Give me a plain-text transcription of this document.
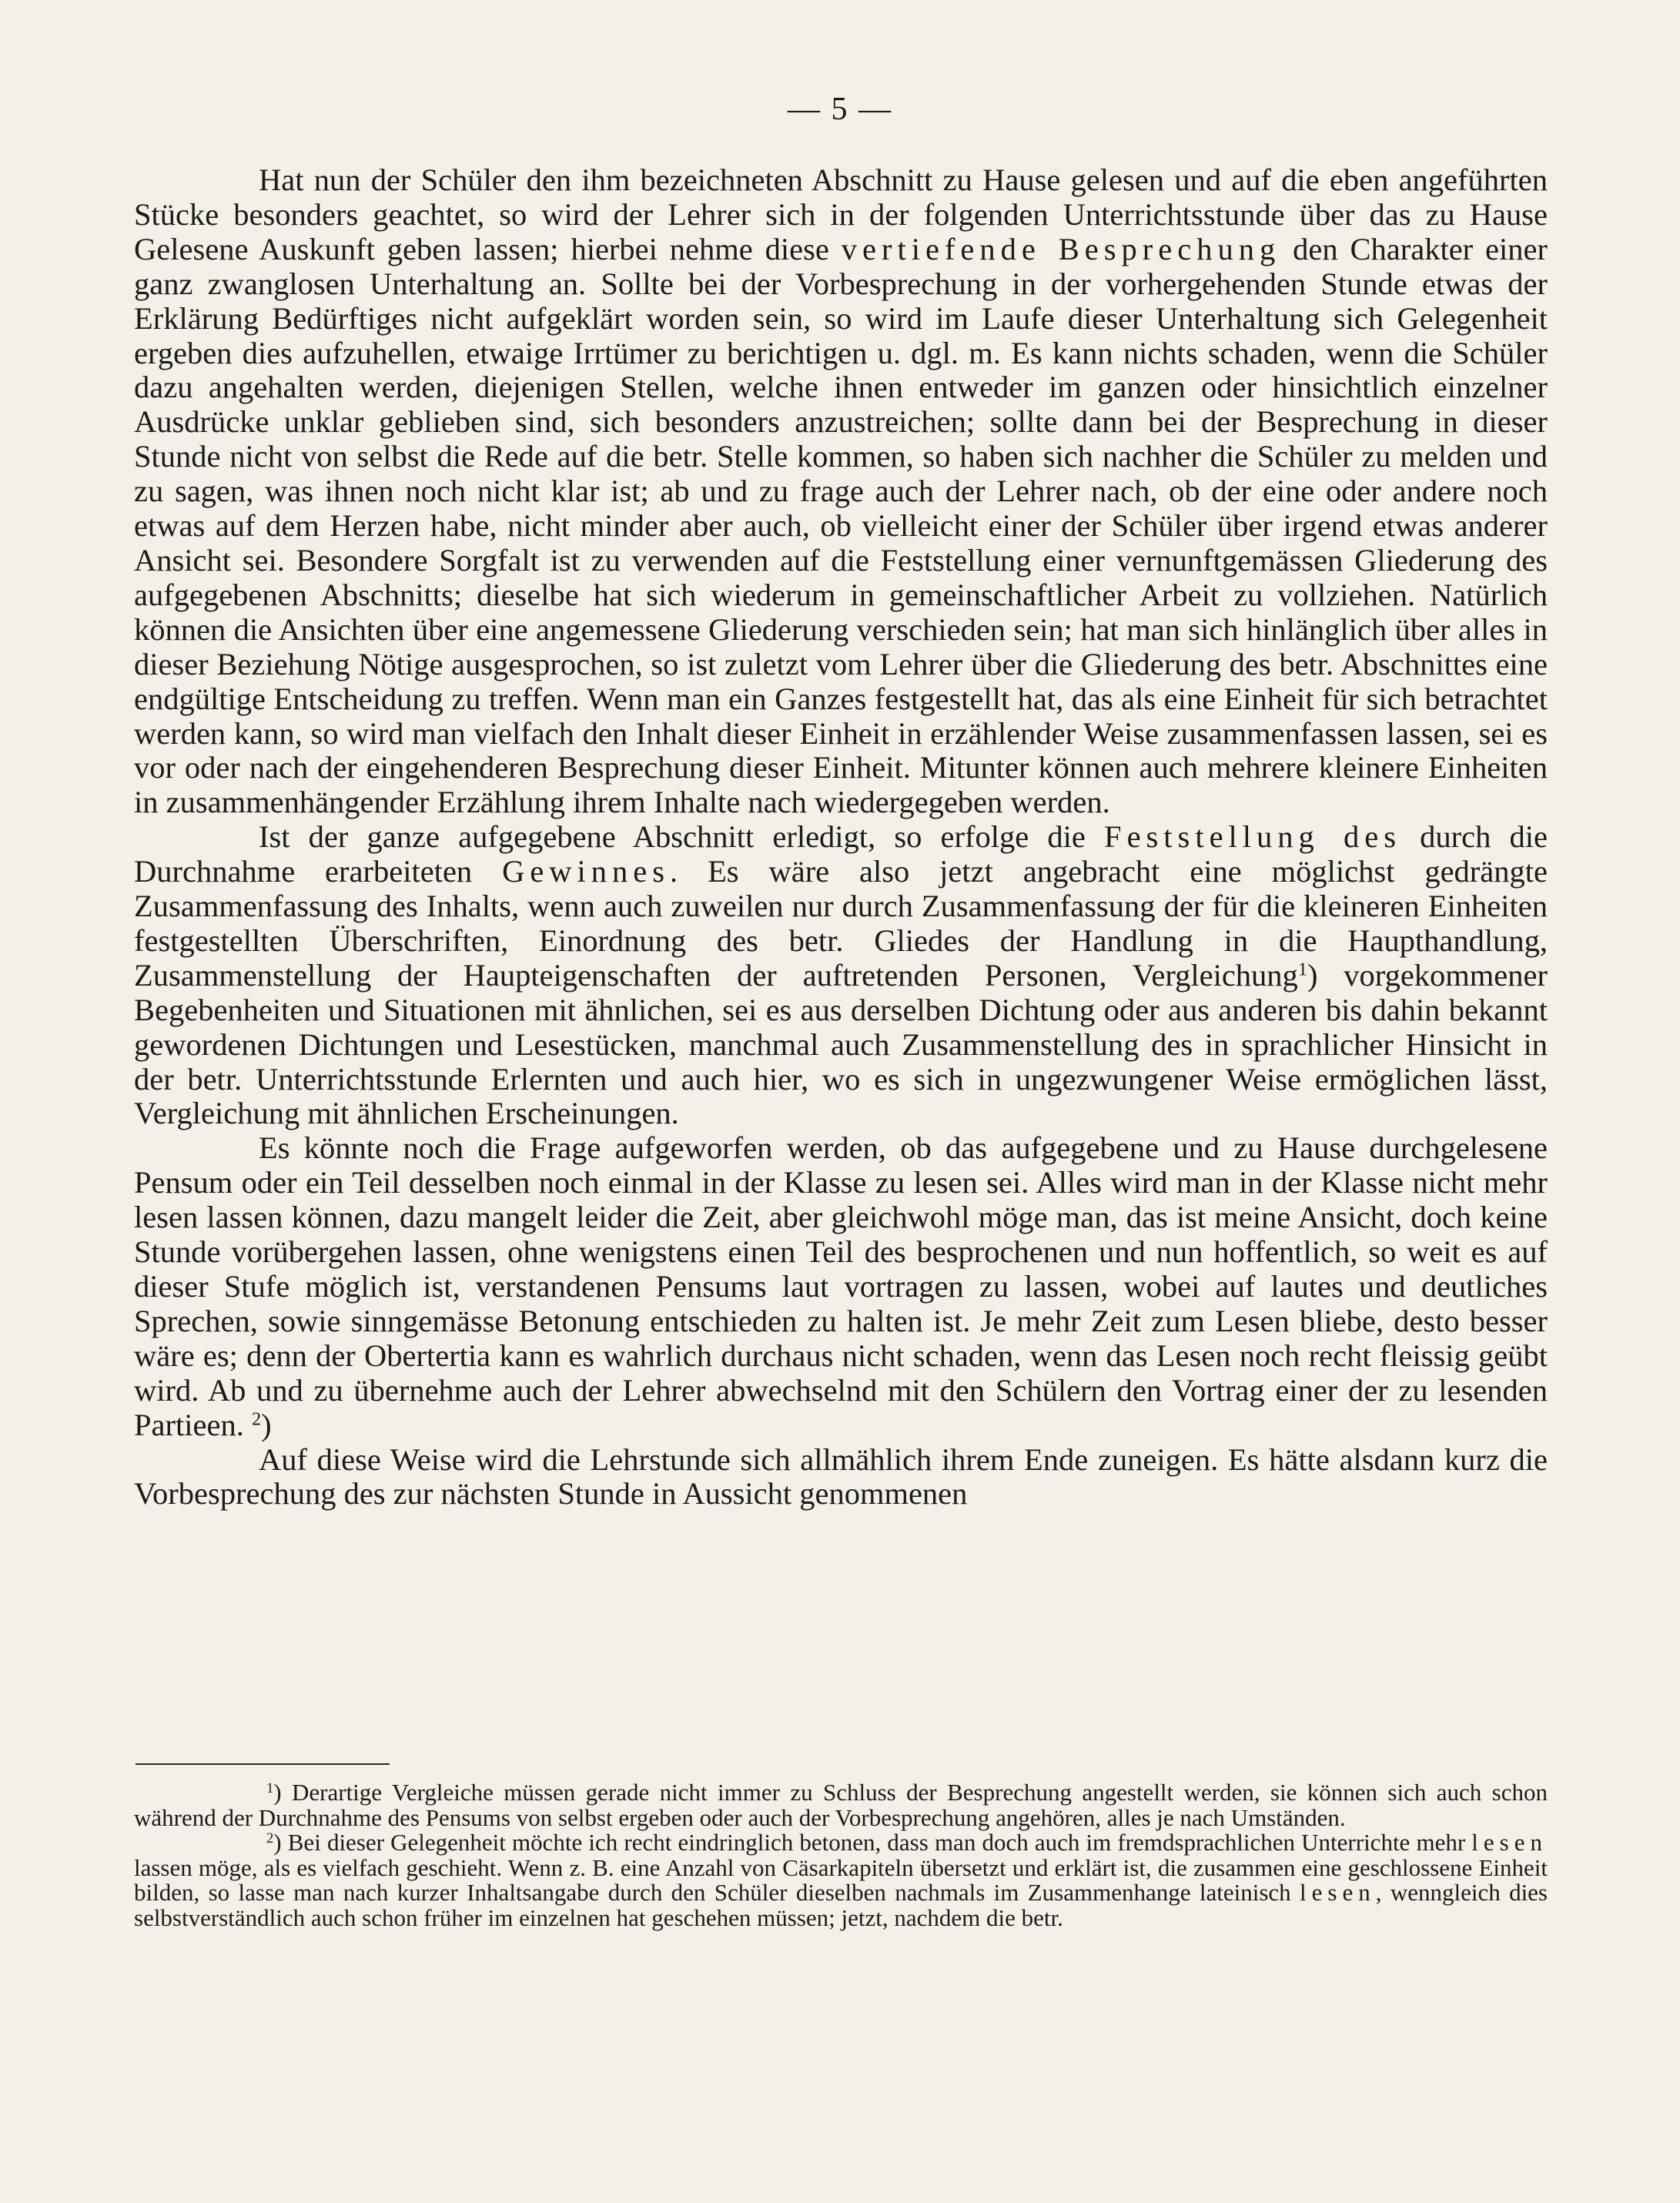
— 5 —

Hat nun der Schüler den ihm bezeichneten Abschnitt zu Hause gelesen und auf die eben angeführten Stücke besonders geachtet, so wird der Lehrer sich in der folgenden Unterrichtsstunde über das zu Hause Gelesene Auskunft geben lassen; hierbei nehme diese vertiefende Besprechung den Charakter einer ganz zwanglosen Unterhaltung an. Sollte bei der Vorbesprechung in der vorhergehenden Stunde etwas der Erklärung Bedürftiges nicht aufgeklärt worden sein, so wird im Laufe dieser Unterhaltung sich Gelegenheit ergeben dies aufzuhellen, etwaige Irrtümer zu berichtigen u. dgl. m. Es kann nichts schaden, wenn die Schüler dazu angehalten werden, diejenigen Stellen, welche ihnen entweder im ganzen oder hinsichtlich einzelner Ausdrücke unklar geblieben sind, sich besonders anzustreichen; sollte dann bei der Besprechung in dieser Stunde nicht von selbst die Rede auf die betr. Stelle kommen, so haben sich nachher die Schüler zu melden und zu sagen, was ihnen noch nicht klar ist; ab und zu frage auch der Lehrer nach, ob der eine oder andere noch etwas auf dem Herzen habe, nicht minder aber auch, ob vielleicht einer der Schüler über irgend etwas anderer Ansicht sei. Besondere Sorgfalt ist zu verwenden auf die Feststellung einer vernunftgemässen Gliederung des aufgegebenen Abschnitts; dieselbe hat sich wiederum in gemeinschaftlicher Arbeit zu vollziehen. Natürlich können die Ansichten über eine angemessene Gliederung verschieden sein; hat man sich hinlänglich über alles in dieser Beziehung Nötige ausgesprochen, so ist zuletzt vom Lehrer über die Gliederung des betr. Abschnittes eine endgültige Entscheidung zu treffen. Wenn man ein Ganzes festgestellt hat, das als eine Einheit für sich betrachtet werden kann, so wird man vielfach den Inhalt dieser Einheit in erzählender Weise zusammenfassen lassen, sei es vor oder nach der eingehenderen Besprechung dieser Einheit. Mitunter können auch mehrere kleinere Einheiten in zusammenhängender Erzählung ihrem Inhalte nach wiedergegeben werden.

Ist der ganze aufgegebene Abschnitt erledigt, so erfolge die Feststellung des durch die Durchnahme erarbeiteten Gewinnes. Es wäre also jetzt angebracht eine möglichst gedrängte Zusammenfassung des Inhalts, wenn auch zuweilen nur durch Zusammenfassung der für die kleineren Einheiten festgestellten Überschriften, Einordnung des betr. Gliedes der Handlung in die Haupthandlung, Zusammenstellung der Haupteigenschaften der auftretenden Personen, Vergleichung$^1$) vorgekommener Begebenheiten und Situationen mit ähnlichen, sei es aus derselben Dichtung oder aus anderen bis dahin bekannt gewordenen Dichtungen und Lesestücken, manchmal auch Zusammenstellung des in sprachlicher Hinsicht in der betr. Unterrichtsstunde Erlernten und auch hier, wo es sich in ungezwungener Weise ermöglichen lässt, Vergleichung mit ähnlichen Erscheinungen.

Es könnte noch die Frage aufgeworfen werden, ob das aufgegebene und zu Hause durchgelesene Pensum oder ein Teil desselben noch einmal in der Klasse zu lesen sei. Alles wird man in der Klasse nicht mehr lesen lassen können, dazu mangelt leider die Zeit, aber gleichwohl möge man, das ist meine Ansicht, doch keine Stunde vorübergehen lassen, ohne wenigstens einen Teil des besprochenen und nun hoffentlich, so weit es auf dieser Stufe möglich ist, verstandenen Pensums laut vortragen zu lassen, wobei auf lautes und deutliches Sprechen, sowie sinngemässe Betonung entschieden zu halten ist. Je mehr Zeit zum Lesen bliebe, desto besser wäre es; denn der Obertertia kann es wahrlich durchaus nicht schaden, wenn das Lesen noch recht fleissig geübt wird. Ab und zu übernehme auch der Lehrer abwechselnd mit den Schülern den Vortrag einer der zu lesenden Partieen. $^2$)

Auf diese Weise wird die Lehrstunde sich allmählich ihrem Ende zuneigen. Es hätte alsdann kurz die Vorbesprechung des zur nächsten Stunde in Aussicht genommenen

$^1$) Derartige Vergleiche müssen gerade nicht immer zu Schluss der Besprechung angestellt werden, sie können sich auch schon während der Durchnahme des Pensums von selbst ergeben oder auch der Vorbesprechung angehören, alles je nach Umständen.

$^2$) Bei dieser Gelegenheit möchte ich recht eindringlich betonen, dass man doch auch im fremdsprachlichen Unterrichte mehr lesen lassen möge, als es vielfach geschieht. Wenn z. B. eine Anzahl von Cäsarkapiteln übersetzt und erklärt ist, die zusammen eine geschlossene Einheit bilden, so lasse man nach kurzer Inhaltsangabe durch den Schüler dieselben nachmals im Zusammenhange lateinisch lesen, wenngleich dies selbstverständlich auch schon früher im einzelnen hat geschehen müssen; jetzt, nachdem die betr.
